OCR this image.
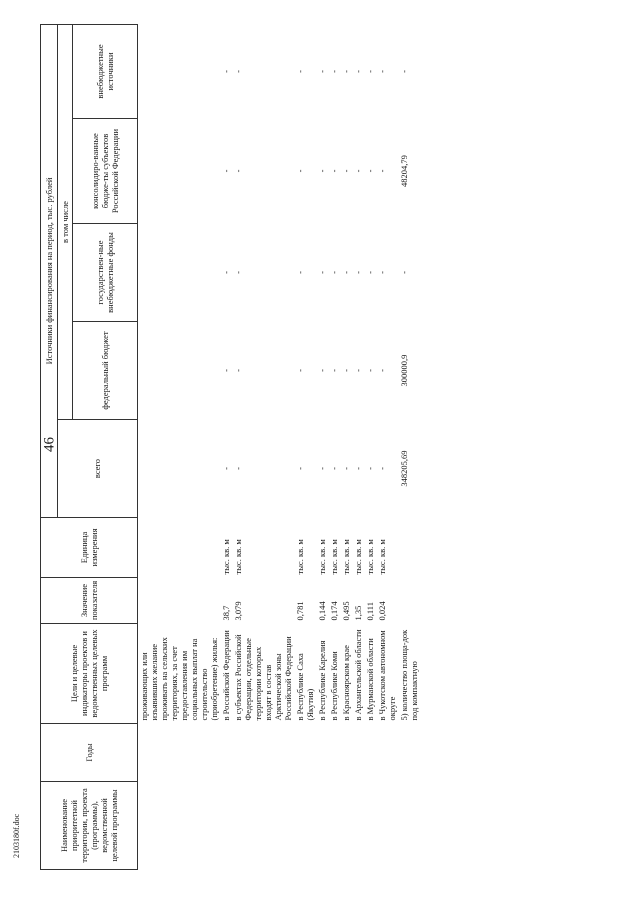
46
2103180f.doc	Наименование приоритетной территории, проекта (программы), ведомственной целевой программы	Годы	Цели и целевые индикаторы проектов и ведомственных целевых программ	Значение показателя	Единица измерения	Источники финансирования на период, тыс. рублей				
					всего	в том числе			
						федеральный бюджет	государствен-ные внебюджетные фонды	консолидиро-ванные бюдже-ты субъектов Российской Федерации	внебюджетные источники
		проживающих или изъявивших желание проживать на сельских территориях, за счет предоставления им социальных выплат на строительство (приобретение) жилья:							
		в Российской Федерации	38,7	тыс. кв. м	-	-	-	-	-
		в субъектах Российской Федерации, отдельные территории которых входят в состав Арктической зоны Российской Федерации	3,079	тыс. кв. м	-	-	-	-	-
		в Республике Саха (Якутия)	0,781	тыс. кв. м	-	-	-	-	-
		в Республике Карелия	0,144	тыс. кв. м	-	-	-	-	-
		в Республике Коми	0,174	тыс. кв. м	-	-	-	-	-
		в Красноярском крае	0,495	тыс. кв. м	-	-	-	-	-
		в Архангельской области	1,35	тыс. кв. м	-	-	-	-	-
		в Мурманской области	0,111	тыс. кв. м	-	-	-	-	-
		в Чукотском автономном округе	0,024	тыс. кв. м	-	-	-	-	-
		5) количество площа-док под компактную			348205,69	300000,9	-	48204,79	-
